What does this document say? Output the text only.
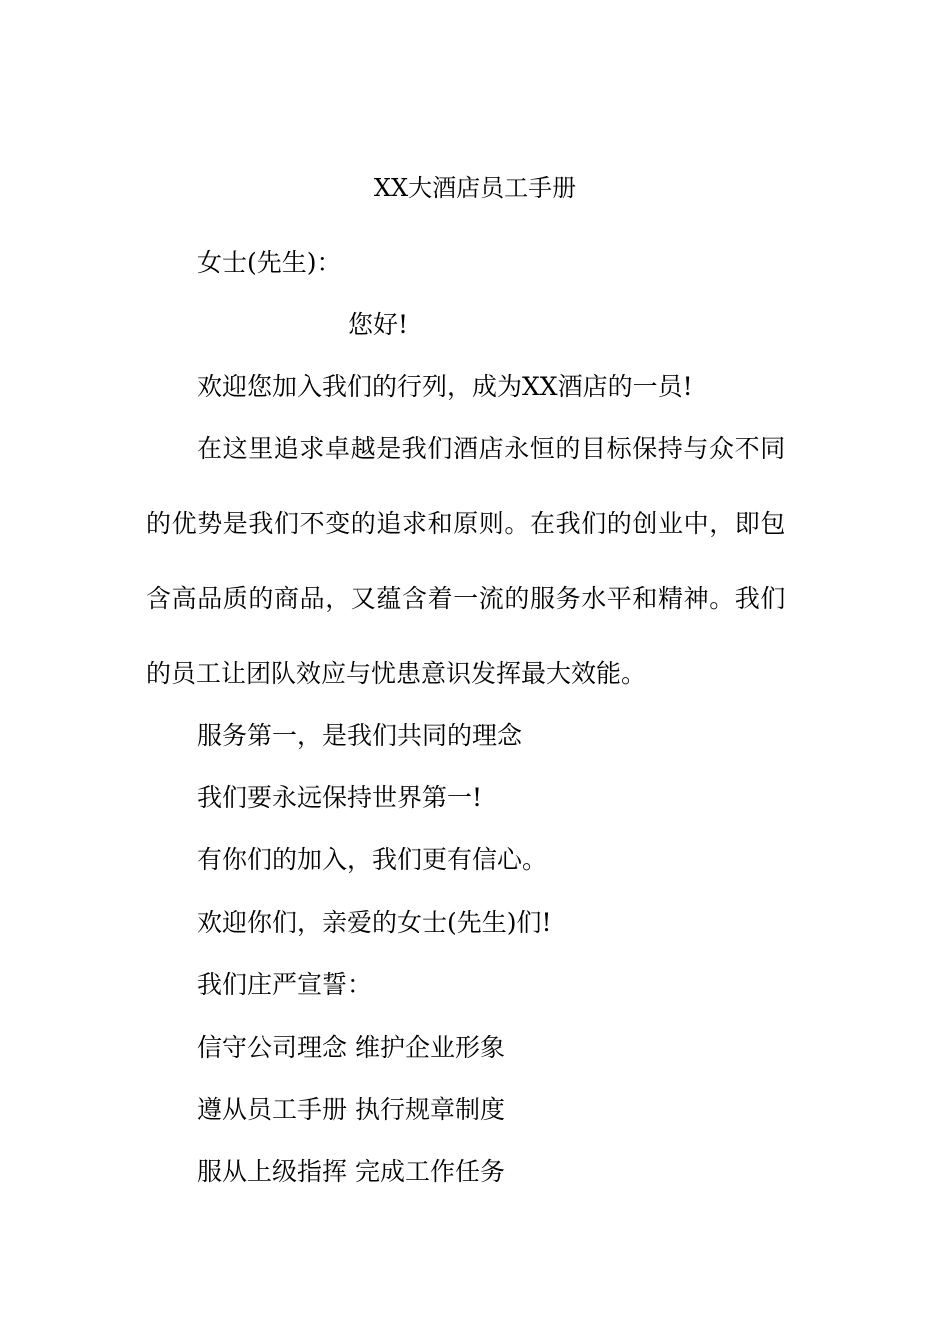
XX大酒店员工手册
女士(先生)：
您好!
欢迎您加入我们的行列，成为XX酒店的一员!
在这里追求卓越是我们酒店永恒的目标保持与众不同
的优势是我们不变的追求和原则。在我们的创业中，即包
含高品质的商品，又蕴含着一流的服务水平和精神。我们
的员工让团队效应与忧患意识发挥最大效能。
服务第一，是我们共同的理念
我们要永远保持世界第一!
有你们的加入，我们更有信心。
欢迎你们，亲爱的女士(先生)们!
我们庄严宣誓：
信守公司理念 维护企业形象
遵从员工手册 执行规章制度
服从上级指挥 完成工作任务
